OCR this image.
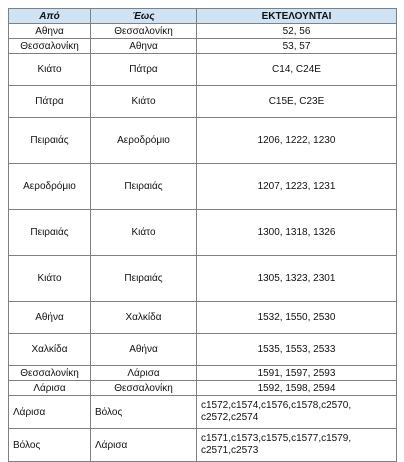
Από	Έως	ΕΚΤΕΛΟΥΝΤΑΙ
Αθηνα	Θεσσαλονίκη	52, 56
Θεσσαλονίκη	Αθηνα	53, 57
Κιάτο	Πάτρα	C14, C24E
Πάτρα	Κιάτο	C15E, C23E
Πειραιάς	Αεροδρόμιο	1206, 1222, 1230
Αεροδρόμιο	Πειραιάς	1207, 1223, 1231
Πειραιάς	Κιάτο	1300, 1318, 1326
Κιάτο	Πειραιάς	1305, 1323, 2301
Αθήνα	Χαλκίδα	1532, 1550, 2530
Χαλκίδα	Αθήνα	1535, 1553, 2533
Θεσσαλονίκη	Λάρισα	1591, 1597, 2593
Λάρισα	Θεσσαλονίκη	1592, 1598, 2594
Λάρισα	Βόλος	c1572,c1574,c1576,c1578,c2570, c2572,c2574
Βόλος	Λάρισα	c1571,c1573,c1575,c1577,c1579, c2571,c2573
